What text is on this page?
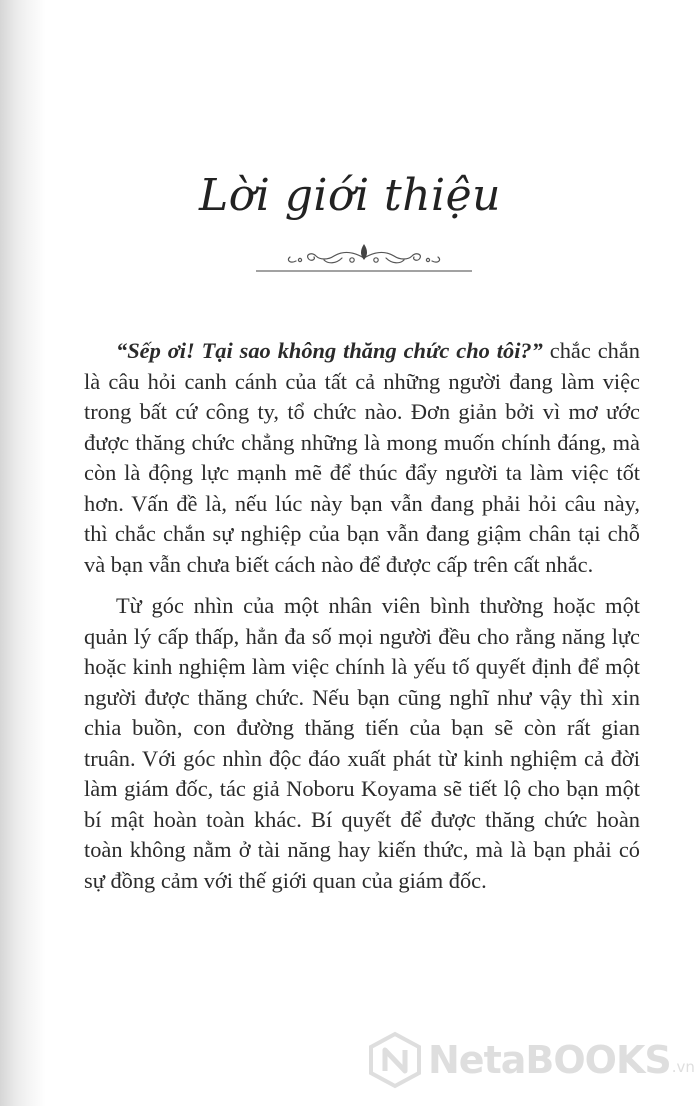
Lời giới thiệu

“Sếp ơi! Tại sao không thăng chức cho tôi?” chắc chắn là câu hỏi canh cánh của tất cả những người đang làm việc trong bất cứ công ty, tổ chức nào. Đơn giản bởi vì mơ ước được thăng chức chẳng những là mong muốn chính đáng, mà còn là động lực mạnh mẽ để thúc đẩy người ta làm việc tốt hơn. Vấn đề là, nếu lúc này bạn vẫn đang phải hỏi câu này, thì chắc chắn sự nghiệp của bạn vẫn đang giậm chân tại chỗ và bạn vẫn chưa biết cách nào để được cấp trên cất nhắc.

Từ góc nhìn của một nhân viên bình thường hoặc một quản lý cấp thấp, hẳn đa số mọi người đều cho rằng năng lực hoặc kinh nghiệm làm việc chính là yếu tố quyết định để một người được thăng chức. Nếu bạn cũng nghĩ như vậy thì xin chia buồn, con đường thăng tiến của bạn sẽ còn rất gian truân. Với góc nhìn độc đáo xuất phát từ kinh nghiệm cả đời làm giám đốc, tác giả Noboru Koyama sẽ tiết lộ cho bạn một bí mật hoàn toàn khác. Bí quyết để được thăng chức hoàn toàn không nằm ở tài năng hay kiến thức, mà là bạn phải có sự đồng cảm với thế giới quan của giám đốc.

NetaBOOKS .vn
